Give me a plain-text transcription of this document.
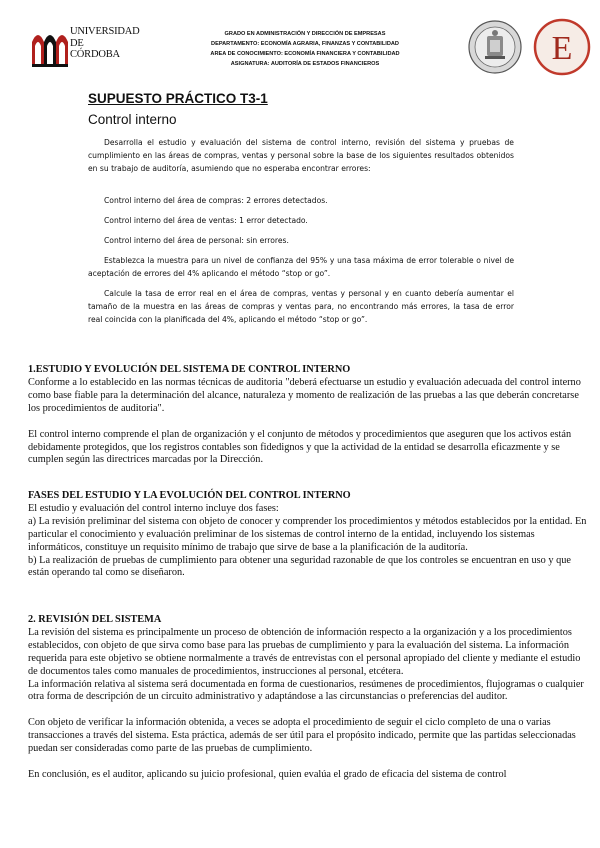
UNIVERSIDAD
DE
CÓRDOBA
GRADO EN ADMINISTRACIÓN Y DIRECCIÓN DE EMPRESAS
DEPARTAMENTO: ECONOMÍA AGRARIA, FINANZAS Y CONTABILIDAD
AREA DE CONOCIMIENTO: ECONOMÍA FINANCIERA Y CONTABILIDAD
ASIGNATURA: AUDITORÍA DE ESTADOS FINANCIEROS	E
SUPUESTO PRÁCTICO T3-1
Control interno

Desarrolla el estudio y evaluación del sistema de control interno, revisión del sistema y pruebas de cumplimiento en las áreas de compras, ventas y personal sobre la base de los siguientes resultados obtenidos en su trabajo de auditoría, asumiendo que no esperaba encontrar errores:

Control interno del área de compras: 2 errores detectados.
Control interno del área de ventas: 1 error detectado.
Control interno del área de personal: sin errores.

Establezca la muestra para un nivel de confianza del 95% y una tasa máxima de error tolerable o nivel de aceptación de errores del 4% aplicando el método “stop or go”.

Calcule la tasa de error real en el área de compras, ventas y personal y en cuanto debería aumentar el tamaño de la muestra en las áreas de compras y ventas para, no encontrando más errores, la tasa de error real coincida con la planificada del 4%, aplicando el método “stop or go”.

1.ESTUDIO Y EVOLUCIÓN DEL SISTEMA DE CONTROL INTERNO

Conforme a lo establecido en las normas técnicas de auditoria "deberá efectuarse un estudio y evaluación adecuada del control interno como base fiable para la determinación del alcance, naturaleza y momento de realización de las pruebas a las que deberán concretarse los procedimientos de auditoria".

El control interno comprende el plan de organización y el conjunto de métodos y procedimientos que aseguren que los activos están debidamente protegidos, que los registros contables son fidedignos y que la actividad de la entidad se desarrolla eficazmente y se cumplen según las directrices marcadas por la Dirección.

FASES DEL ESTUDIO Y LA EVOLUCIÓN DEL CONTROL INTERNO

El estudio y evaluación del control interno incluye dos fases:

a) La revisión preliminar del sistema con objeto de conocer y comprender los procedimientos y métodos establecidos por la entidad. En particular el conocimiento y evaluación preliminar de los sistemas de control interno de la entidad, incluyendo los sistemas informáticos, constituye un requisito mínimo de trabajo que sirve de base a la planificación de la auditoría.

b) La realización de pruebas de cumplimiento para obtener una seguridad razonable de que los controles se encuentran en uso y que están operando tal como se diseñaron.

2. REVISIÓN DEL SISTEMA

La revisión del sistema es principalmente un proceso de obtención de información respecto a la organización y a los procedimientos establecidos, con objeto de que sirva como base para las pruebas de cumplimiento y para la evaluación del sistema. La información requerida para este objetivo se obtiene normalmente a través de entrevistas con el personal apropiado del cliente y mediante el estudio de documentos tales como manuales de procedimientos, instrucciones al personal, etcétera.

La información relativa al sistema será documentada en forma de cuestionarios, resúmenes de procedimientos, flujogramas o cualquier otra forma de descripción de un circuito administrativo y adaptándose a las circunstancias o preferencias del auditor.

Con objeto de verificar la información obtenida, a veces se adopta el procedimiento de seguir el ciclo completo de una o varias transacciones a través del sistema. Esta práctica, además de ser útil para el propósito indicado, permite que las partidas seleccionadas puedan ser consideradas como parte de las pruebas de cumplimiento.

En conclusión, es el auditor, aplicando su juicio profesional, quien evalúa el grado de eficacia del sistema de control
